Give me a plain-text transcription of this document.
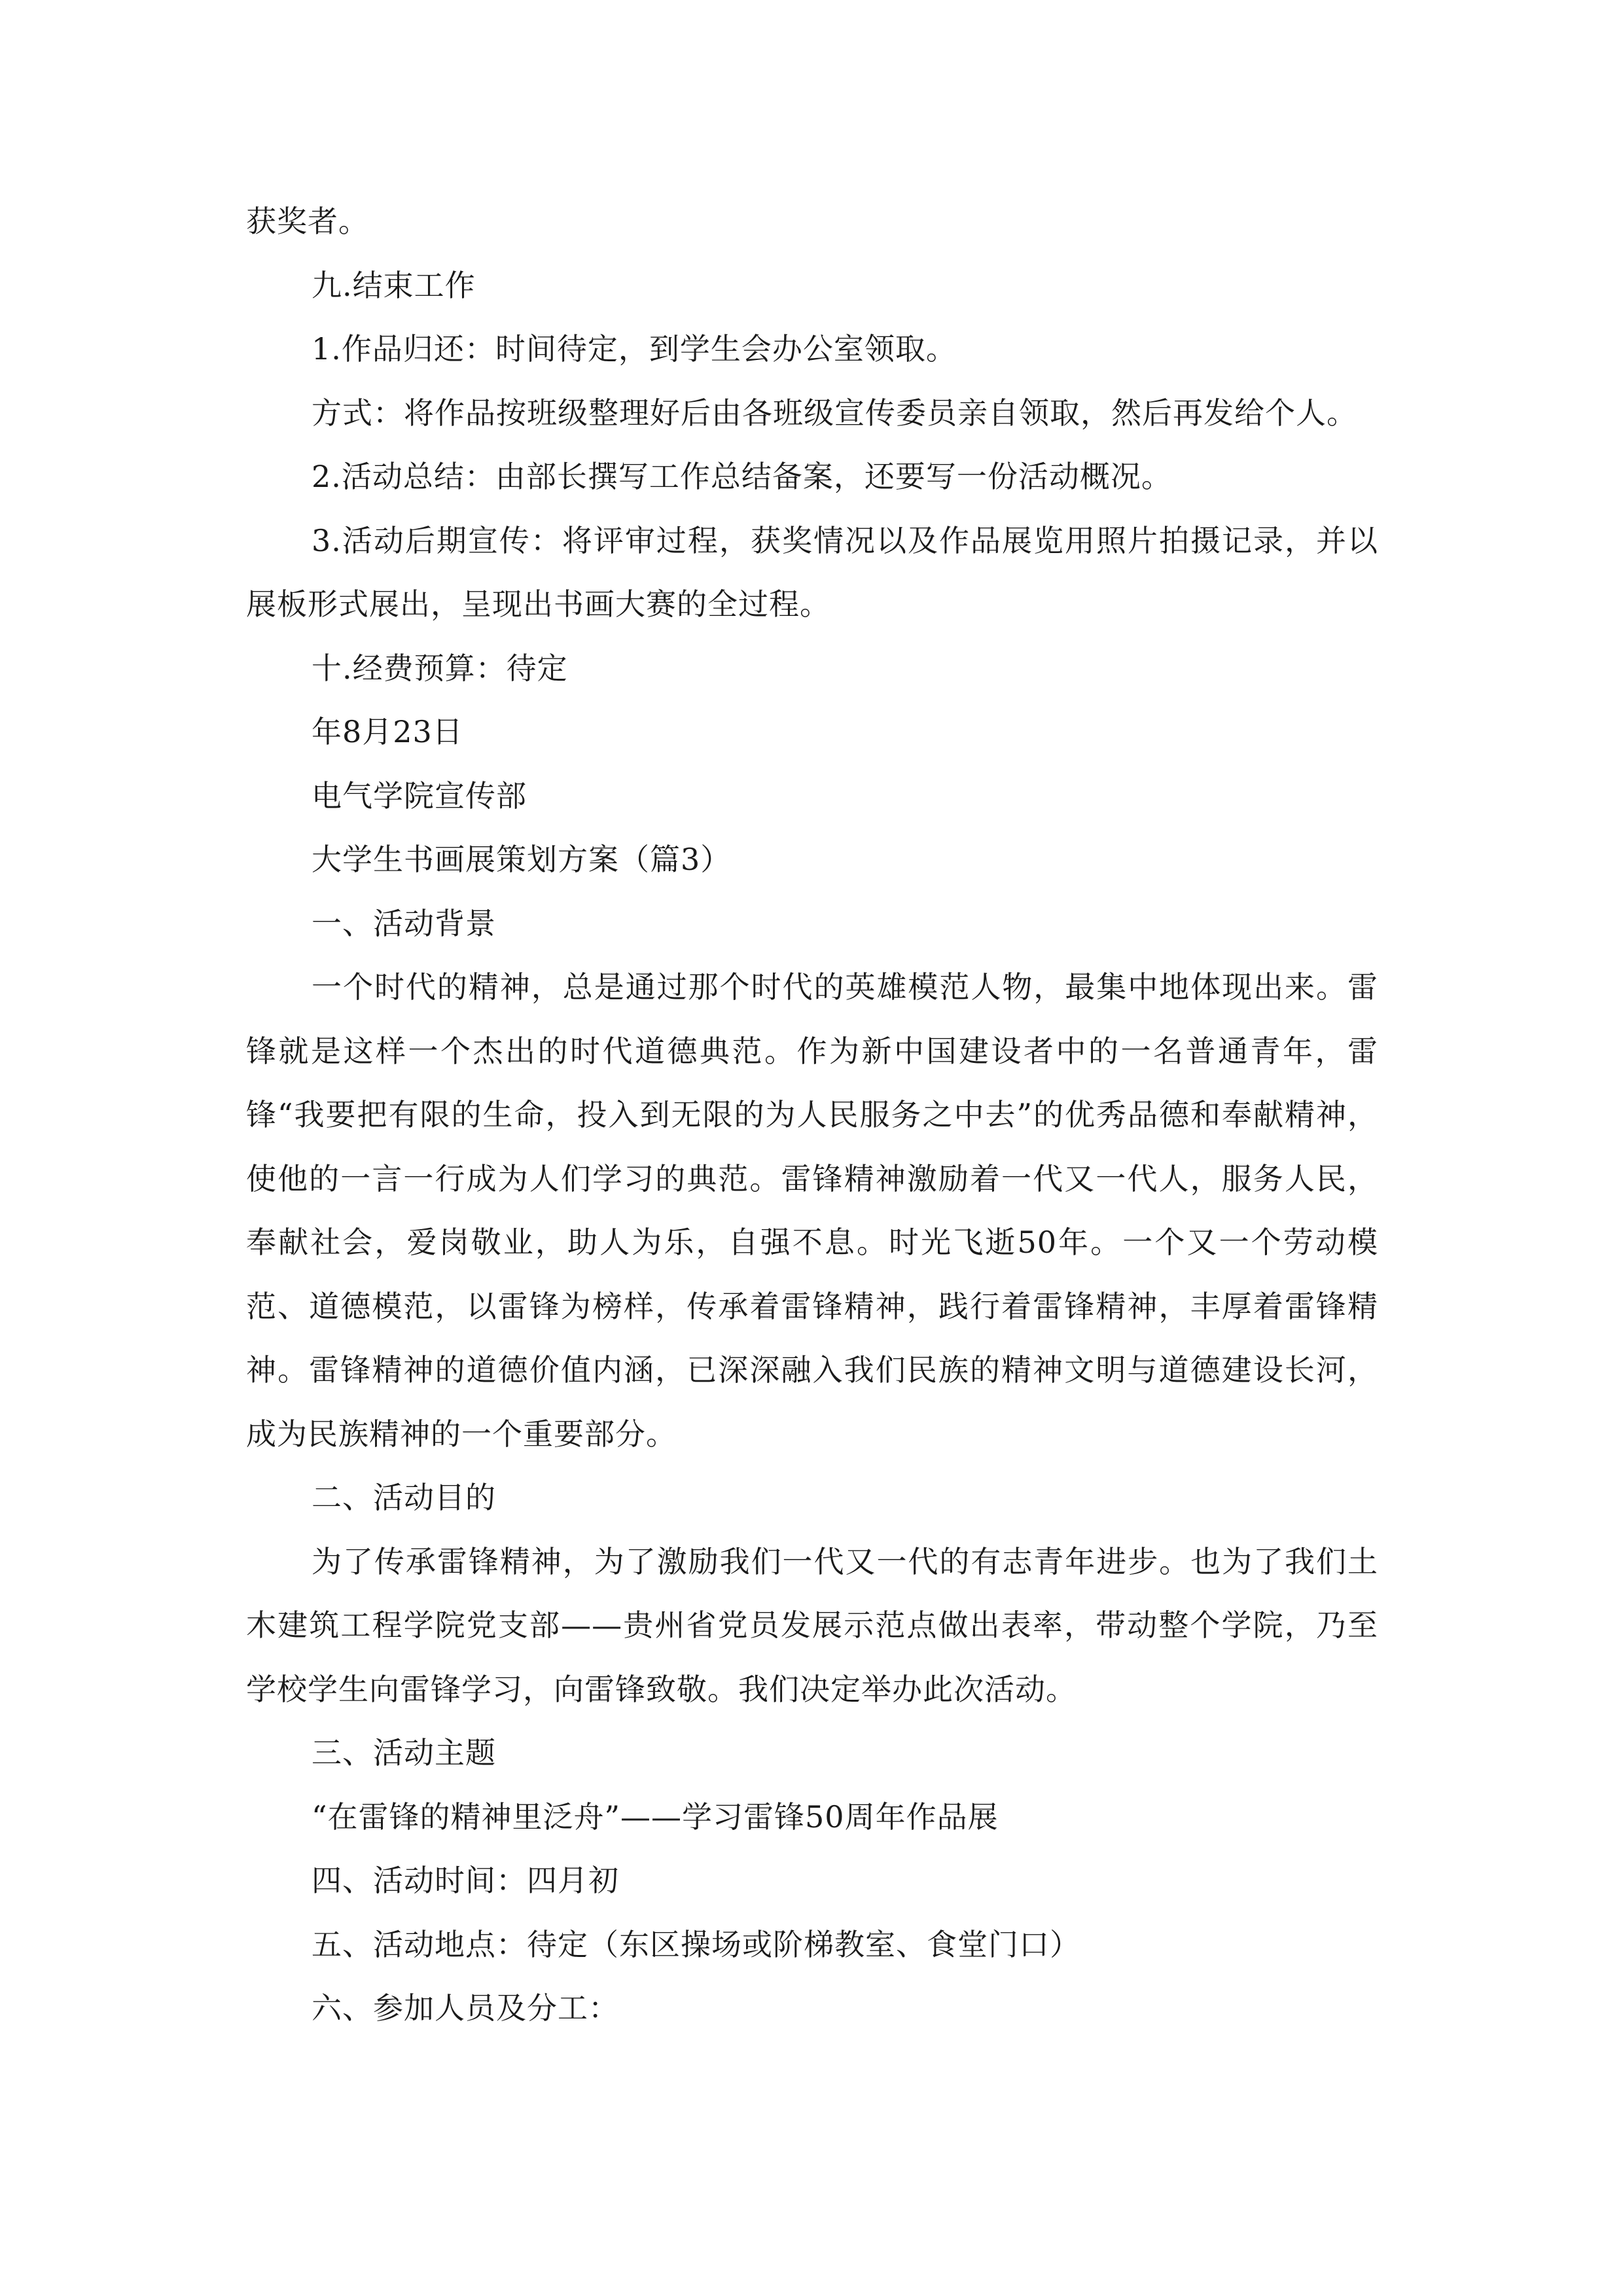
获奖者。

九.结束工作

1.作品归还：时间待定，到学生会办公室领取。

方式：将作品按班级整理好后由各班级宣传委员亲自领取，然后再发给个人。

2.活动总结：由部长撰写工作总结备案，还要写一份活动概况。

3.活动后期宣传：将评审过程，获奖情况以及作品展览用照片拍摄记录，并以展板形式展出，呈现出书画大赛的全过程。

十.经费预算：待定

年8月23日

电气学院宣传部

大学生书画展策划方案（篇3）

一、活动背景

一个时代的精神，总是通过那个时代的英雄模范人物，最集中地体现出来。雷锋就是这样一个杰出的时代道德典范。作为新中国建设者中的一名普通青年，雷锋“我要把有限的生命，投入到无限的为人民服务之中去”的优秀品德和奉献精神，使他的一言一行成为人们学习的典范。雷锋精神激励着一代又一代人，服务人民，奉献社会，爱岗敬业，助人为乐，自强不息。时光飞逝50年。一个又一个劳动模范、道德模范，以雷锋为榜样，传承着雷锋精神，践行着雷锋精神，丰厚着雷锋精神。雷锋精神的道德价值内涵，已深深融入我们民族的精神文明与道德建设长河，成为民族精神的一个重要部分。

二、活动目的

为了传承雷锋精神，为了激励我们一代又一代的有志青年进步。也为了我们土木建筑工程学院党支部——贵州省党员发展示范点做出表率，带动整个学院，乃至学校学生向雷锋学习，向雷锋致敬。我们决定举办此次活动。

三、活动主题

“在雷锋的精神里泛舟”——学习雷锋50周年作品展

四、活动时间：四月初

五、活动地点：待定（东区操场或阶梯教室、食堂门口）

六、参加人员及分工：
